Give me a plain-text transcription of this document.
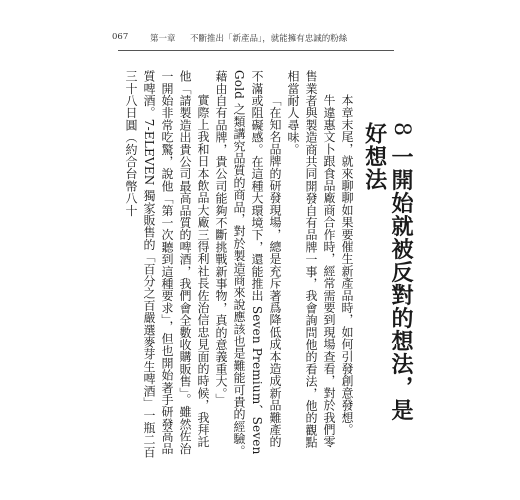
067	第一章 不斷推出「新產品」，就能擁有忠誠的粉絲
8 一開始就被反對的想法，是好想法

本章末尾，就來聊聊如果要催生新產品時，如何引發創意發想。

牛違惠文卜跟食品廠商合作時，經常需要到現場查看，對於我們零售業者與製造商共同開發自有品牌一事，我會詢問他的看法，他的觀點相當耐人尋味。

「在知名品牌的研發現場，總是充斥著爲降低成本造成新品難產的不滿或阻礙感。在這種大環境下，還能推出 Seven Premium、Seven Gold 之類講究品質的商品，對於製造商來說應該也是難能可貴的經驗。藉由自有品牌，貴公司能夠不斷挑戰新事物，真的意義重大。」

實際上我和日本飲品大廠三得利社長佐治信忠見面的時候，我拜託他「請製造出貴公司最高品質的啤酒，我們會全數收購販售」。雖然佐治一開始非常吃驚，說他「第一次聽到這種要求」，但也開始著手研發高品質啤酒。7-ELEVEN 獨家販售的「百分之百嚴選麥芽生啤酒」一瓶二百三十八日圓（約合台幣八十
